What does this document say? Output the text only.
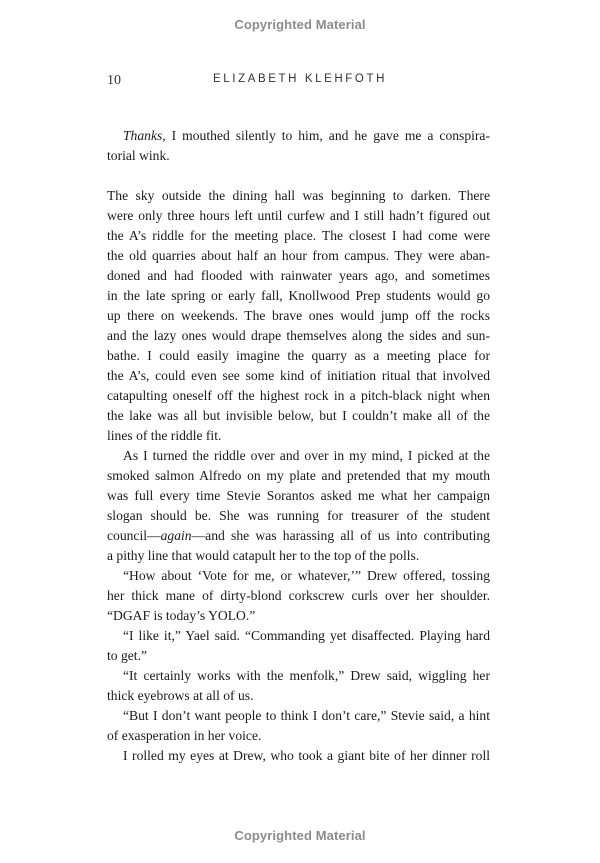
Copyrighted Material
10	ELIZABETH KLEHFOTH
Thanks, I mouthed silently to him, and he gave me a conspira-
torial wink.
The sky outside the dining hall was beginning to darken. There
were only three hours left until curfew and I still hadn’t figured out
the A’s riddle for the meeting place. The closest I had come were
the old quarries about half an hour from campus. They were aban-
doned and had flooded with rainwater years ago, and sometimes
in the late spring or early fall, Knollwood Prep students would go
up there on weekends. The brave ones would jump off the rocks
and the lazy ones would drape themselves along the sides and sun-
bathe. I could easily imagine the quarry as a meeting place for
the A’s, could even see some kind of initiation ritual that involved
catapulting oneself off the highest rock in a pitch-black night when
the lake was all but invisible below, but I couldn’t make all of the
lines of the riddle fit.
As I turned the riddle over and over in my mind, I picked at the
smoked salmon Alfredo on my plate and pretended that my mouth
was full every time Stevie Sorantos asked me what her campaign
slogan should be. She was running for treasurer of the student
council—again—and she was harassing all of us into contributing
a pithy line that would catapult her to the top of the polls.
“How about ‘Vote for me, or whatever,’” Drew offered, tossing
her thick mane of dirty-blond corkscrew curls over her shoulder.
“DGAF is today’s YOLO.”
“I like it,” Yael said. “Commanding yet disaffected. Playing hard
to get.”
“It certainly works with the menfolk,” Drew said, wiggling her
thick eyebrows at all of us.
“But I don’t want people to think I don’t care,” Stevie said, a hint
of exasperation in her voice.
I rolled my eyes at Drew, who took a giant bite of her dinner roll
Copyrighted Material
